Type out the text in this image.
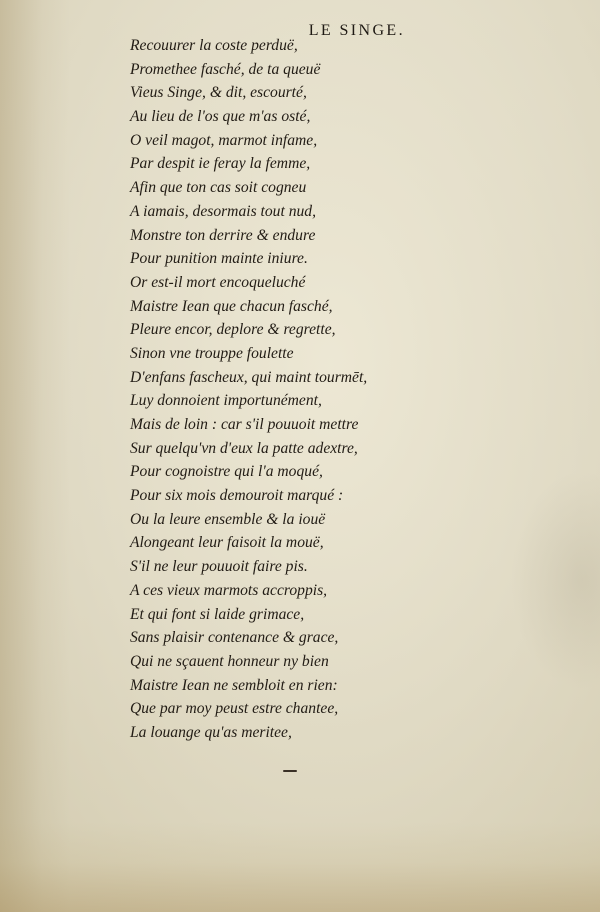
LE SINGE.
Recouurer la coste perduë,
Promethee fasché, de ta queuë
Vieus Singe, & dit, escourté,
Au lieu de l'os que m'as osté,
O veil magot, marmot infame,
Par despit ie feray la femme,
Afin que ton cas soit cogneu
A iamais, desormais tout nud,
Monstre ton derrire & endure
Pour punition mainte iniure.
Or est-il mort encoqueluché
Maistre Iean que chacun fasché,
Pleure encor, deplore & regrette,
Sinon vne trouppe foulette
D'enfans fascheux, qui maint tourmēt,
Luy donnoient importunément,
Mais de loin : car s'il pouuoit mettre
Sur quelqu'vn d'eux la patte adextre,
Pour cognoistre qui l'a moqué,
Pour six mois demouroit marqué :
Ou la leure ensemble & la iouë
Alongeant leur faisoit la mouë,
S'il ne leur pouuoit faire pis.
A ces vieux marmots accroppis,
Et qui font si laide grimace,
Sans plaisir contenance & grace,
Qui ne sçauent honneur ny bien
Maistre Iean ne sembloit en rien:
Que par moy peust estre chantee,
La louange qu'as meritee,
